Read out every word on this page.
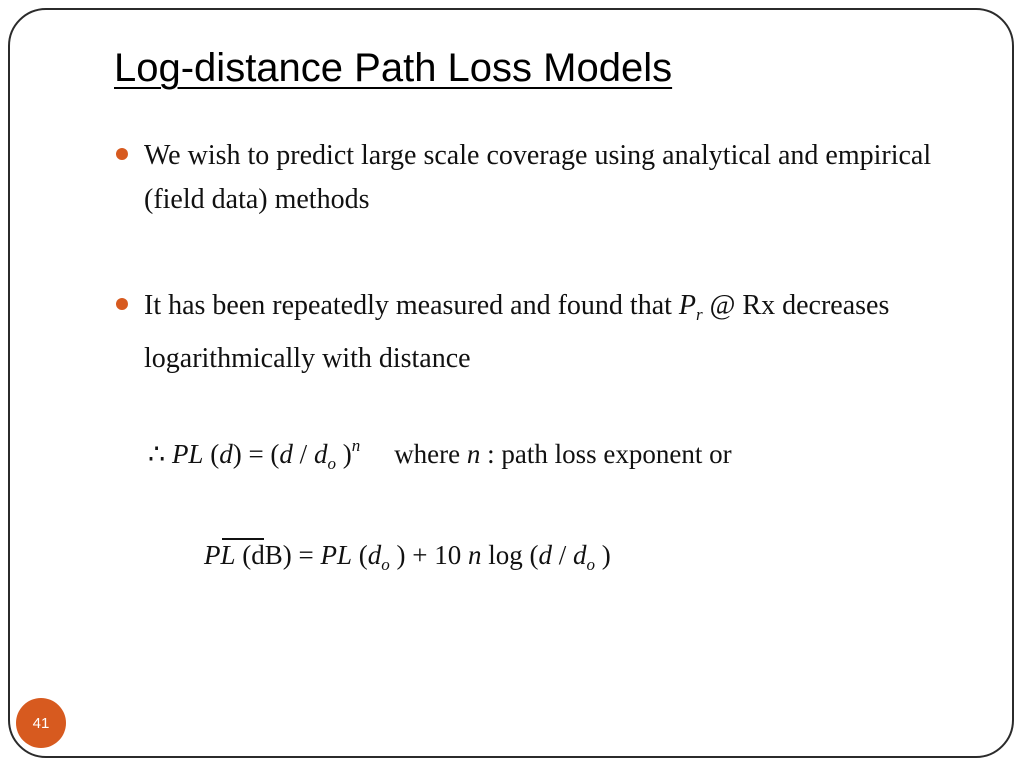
Log-distance Path Loss Models
We wish to predict large scale coverage using analytical and empirical (field data) methods
It has been repeatedly measured and found that $P_r$ @ Rx decreases logarithmically with distance
∴ PL $(d) = (d / d_o$ )$^n$ where n : path loss exponent or
PL (dB) = PL ($d_o$ ) + 10 n $\log (d / d_o$ )
41
